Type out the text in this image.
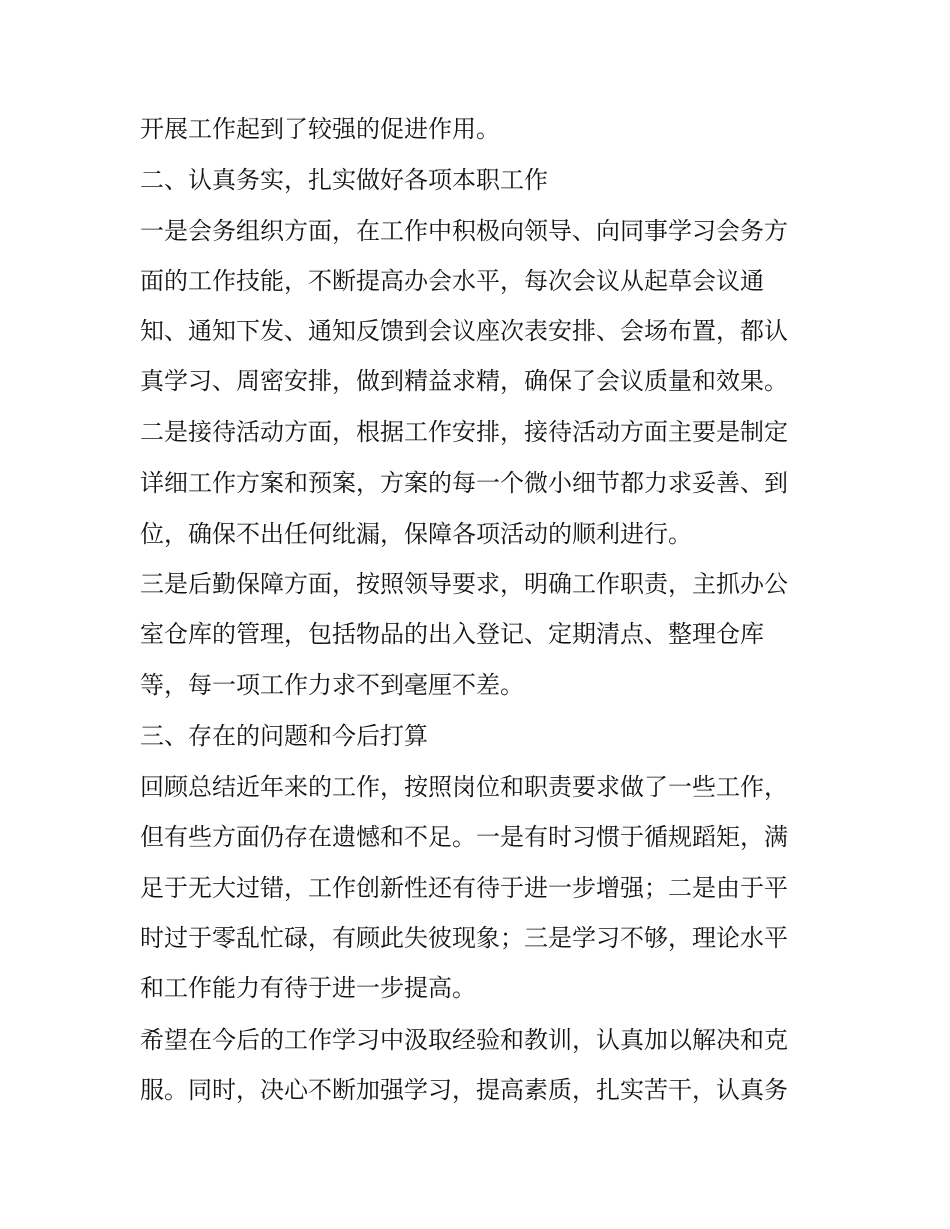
开展工作起到了较强的促进作用。
二、认真务实，扎实做好各项本职工作
一是会务组织方面，在工作中积极向领导、向同事学习会务方
面的工作技能，不断提高办会水平，每次会议从起草会议通
知、通知下发、通知反馈到会议座次表安排、会场布置，都认
真学习、周密安排，做到精益求精，确保了会议质量和效果。
二是接待活动方面，根据工作安排，接待活动方面主要是制定
详细工作方案和预案，方案的每一个微小细节都力求妥善、到
位，确保不出任何纰漏，保障各项活动的顺利进行。
三是后勤保障方面，按照领导要求，明确工作职责，主抓办公
室仓库的管理，包括物品的出入登记、定期清点、整理仓库
等，每一项工作力求不到毫厘不差。
三、存在的问题和今后打算
回顾总结近年来的工作，按照岗位和职责要求做了一些工作，
但有些方面仍存在遗憾和不足。一是有时习惯于循规蹈矩，满
足于无大过错，工作创新性还有待于进一步增强；二是由于平
时过于零乱忙碌，有顾此失彼现象；三是学习不够，理论水平
和工作能力有待于进一步提高。
希望在今后的工作学习中汲取经验和教训，认真加以解决和克
服。同时，决心不断加强学习，提高素质，扎实苦干，认真务
